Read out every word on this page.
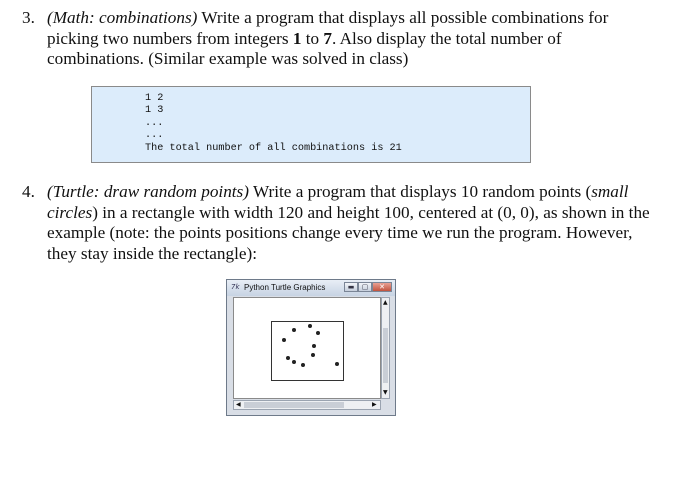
3. (Math: combinations) Write a program that displays all possible combinations for picking two numbers from integers 1 to 7. Also display the total number of combinations. (Similar example was solved in class)
1 2
1 3
...
...
The total number of all combinations is 21
4. (Turtle: draw random points) Write a program that displays 10 random points (small circles) in a rectangle with width 120 and height 100, centered at (0, 0), as shown in the example (note: the points positions change every time we run the program. However, they stay inside the rectangle):
7k Python Turtle Graphics	▬	▢	✕
▲
▼
◀	▶
